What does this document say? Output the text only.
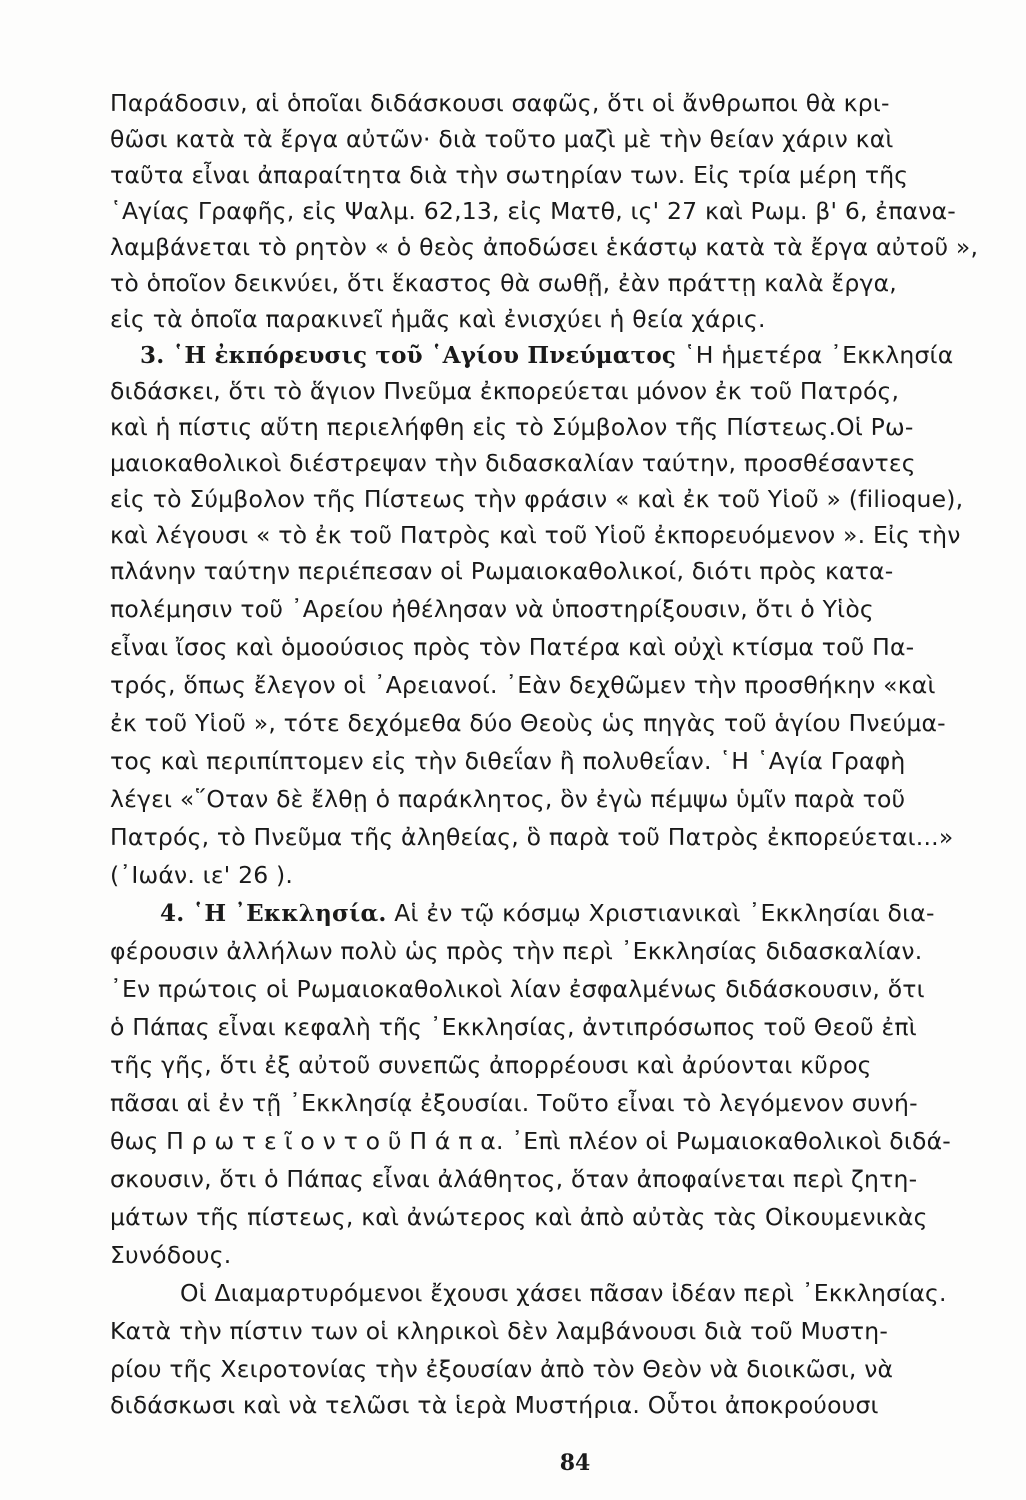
Παράδοσιν, αἱ ὁποῖαι διδάσκουσι σαφῶς, ὅτι οἱ ἄνθρωποι θὰ κρι-
θῶσι κατὰ τὰ ἔργα αὐτῶν· διὰ τοῦτο μαζὶ μὲ τὴν θείαν χάριν καὶ
ταῦτα εἶναι ἀπαραίτητα διὰ τὴν σωτηρίαν των. Εἰς τρία μέρη τῆς
῾Αγίας Γραφῆς, εἰς Ψαλμ. 62,13, εἰς Ματθ, ις' 27 καὶ Ρωμ. β' 6, ἐπανα-
λαμβάνεται τὸ ρητὸν « ὁ θεὸς ἀποδώσει ἑκάστῳ κατὰ τὰ ἔργα αὐτοῦ »,
τὸ ὁποῖον δεικνύει, ὅτι ἕκαστος θὰ σωθῇ, ἐὰν πράττῃ καλὰ ἔργα,
εἰς τὰ ὁποῖα παρακινεῖ ἡμᾶς καὶ ἐνισχύει ἡ θεία χάρις.
3. ῾Η ἐκπόρευσις τοῦ ῾Αγίου Πνεύματος ῾Η ἡμετέρα ᾿Εκκλησία
διδάσκει, ὅτι τὸ ἅγιον Πνεῦμα ἐκπορεύεται μόνον ἐκ τοῦ Πατρός,
καὶ ἡ πίστις αὕτη περιελήφθη εἰς τὸ Σύμβολον τῆς Πίστεως.Οἱ Ρω-
μαιοκαθολικοὶ διέστρεψαν τὴν διδασκαλίαν ταύτην, προσθέσαντες
εἰς τὸ Σύμβολον τῆς Πίστεως τὴν φράσιν « καὶ ἐκ τοῦ Υἱοῦ » (filioque),
καὶ λέγουσι « τὸ ἐκ τοῦ Πατρὸς καὶ τοῦ Υἱοῦ ἐκπορευόμενον ». Εἰς τὴν
πλάνην ταύτην περιέπεσαν οἱ Ρωμαιοκαθολικοί, διότι πρὸς κατα-
πολέμησιν τοῦ ᾿Αρείου ἠθέλησαν νὰ ὑποστηρίξουσιν, ὅτι ὁ Υἱὸς
εἶναι ἴσος καὶ ὁμοούσιος πρὸς τὸν Πατέρα καὶ οὐχὶ κτίσμα τοῦ Πα-
τρός, ὅπως ἔλεγον οἱ ᾿Αρειανοί. ᾿Εὰν δεχθῶμεν τὴν προσθήκην «καὶ
ἐκ τοῦ Υἱοῦ », τότε δεχόμεθα δύο Θεοὺς ὡς πηγὰς τοῦ ἁγίου Πνεύμα-
τος καὶ περιπίπτομεν εἰς τὴν διθεΐαν ἢ πολυθεΐαν. ῾Η ῾Αγία Γραφὴ
λέγει «῞Οταν δὲ ἔλθῃ ὁ παράκλητος, ὃν ἐγὼ πέμψω ὑμῖν παρὰ τοῦ
Πατρός, τὸ Πνεῦμα τῆς ἀληθείας, ὃ παρὰ τοῦ Πατρὸς ἐκπορεύεται...»
(᾿Ιωάν. ιε' 26 ).
4. ῾Η ᾿Εκκλησία. Αἱ ἐν τῷ κόσμῳ Χριστιανικαὶ ᾿Εκκλησίαι δια-
φέρουσιν ἀλλήλων πολὺ ὡς πρὸς τὴν περὶ ᾿Εκκλησίας διδασκαλίαν.
᾿Εν πρώτοις οἱ Ρωμαιοκαθολικοὶ λίαν ἐσφαλμένως διδάσκουσιν, ὅτι
ὁ Πάπας εἶναι κεφαλὴ τῆς ᾿Εκκλησίας, ἀντιπρόσωπος τοῦ Θεοῦ ἐπὶ
τῆς γῆς, ὅτι ἐξ αὐτοῦ συνεπῶς ἀπορρέουσι καὶ ἀρύονται κῦρος
πᾶσαι αἱ ἐν τῇ ᾿Εκκλησίᾳ ἐξουσίαι. Τοῦτο εἶναι τὸ λεγόμενον συνή-
θως Π ρ ω τ ε ῖ ο ν τ ο ῦ Π ά π α. ᾿Επὶ πλέον οἱ Ρωμαιοκαθολικοὶ διδά-
σκουσιν, ὅτι ὁ Πάπας εἶναι ἀλάθητος, ὅταν ἀποφαίνεται περὶ ζητη-
μάτων τῆς πίστεως, καὶ ἀνώτερος καὶ ἀπὸ αὐτὰς τὰς Οἰκουμενικὰς
Συνόδους.
Οἱ Διαμαρτυρόμενοι ἔχουσι χάσει πᾶσαν ἰδέαν περὶ ᾿Εκκλησίας.
Κατὰ τὴν πίστιν των οἱ κληρικοὶ δὲν λαμβάνουσι διὰ τοῦ Μυστη-
ρίου τῆς Χειροτονίας τὴν ἐξουσίαν ἀπὸ τὸν Θεὸν νὰ διοικῶσι, νὰ
διδάσκωσι καὶ νὰ τελῶσι τὰ ἱερὰ Μυστήρια. Οὗτοι ἀποκρούουσι
84
